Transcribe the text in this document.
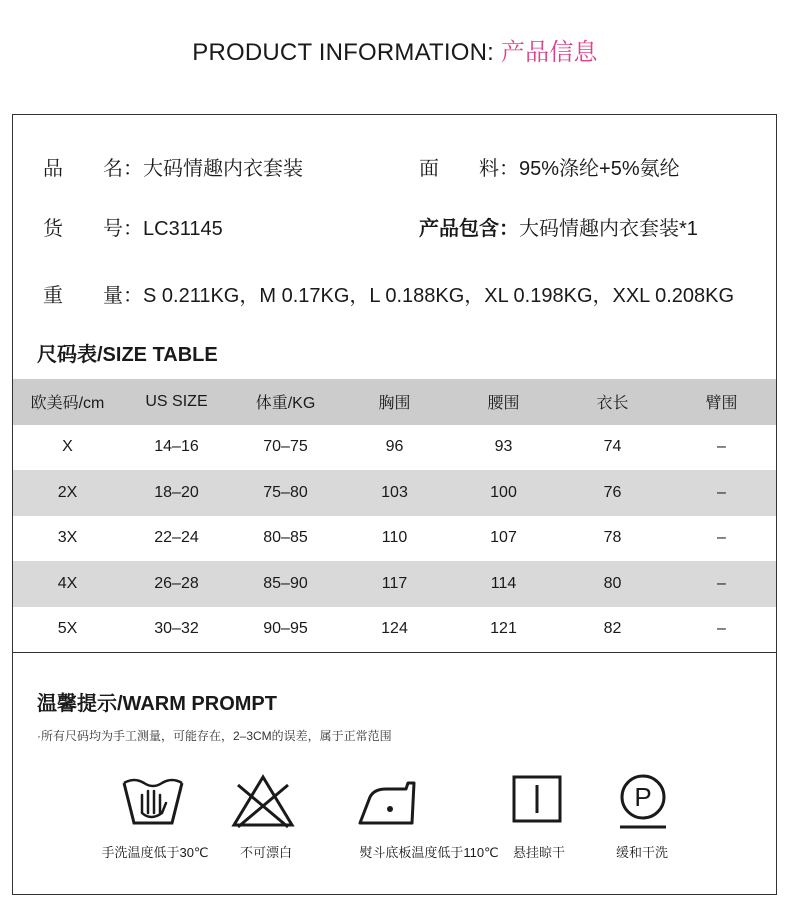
PRODUCT INFORMATION: 产品信息
品　　名：大码情趣内衣套装	面　　料：95%涤纶+5%氨纶
货　　号：LC31145	产品包含：大码情趣内衣套装*1
重　　量：S 0.211KG，M 0.17KG，L 0.188KG，XL 0.198KG，XXL 0.208KG
尺码表/SIZE TABLE
欧美码/cm	US SIZE	体重/KG	胸围	腰围	衣长	臂围
X	14–16	70–75	96	93	74	–
2X	18–20	75–80	103	100	76	–
3X	22–24	80–85	110	107	78	–
4X	26–28	85–90	117	114	80	–
5X	30–32	90–95	124	121	82	–
温馨提示/WARM PROMPT
·所有尺码均为手工测量，可能存在，2–3CM的误差，属于正常范围
P
手洗温度低于30℃	不可漂白	熨斗底板温度低于110℃	悬挂晾干	缓和干洗
